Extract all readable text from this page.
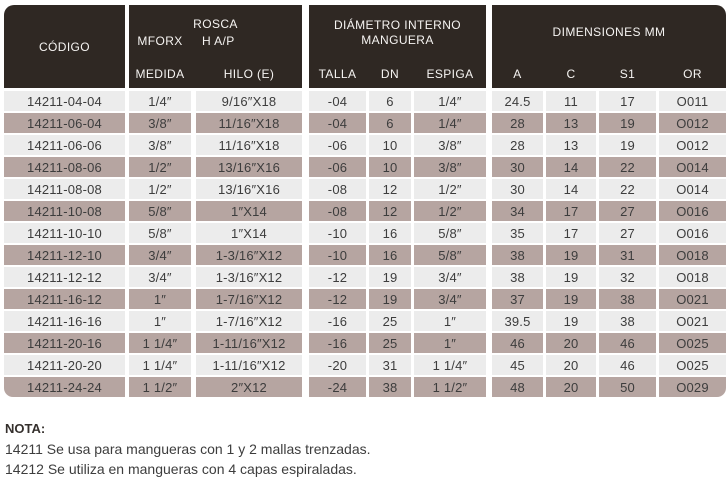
CÓDIGO
ROSCA
MFORX H A/P
MEDIDA	HILO (E)
DIÁMETRO INTERNO MANGUERA
TALLA DN ESPIGA
DIMENSIONES MM
A	C	S1	OR
14211-04-04	1/4″	9/16″X18	-04	6	1/4″	24.5	11	17	O011
14211-06-04	3/8″	11/16″X18	-04	6	1/4″	28	13	19	O012
14211-06-06	3/8″	11/16″X18	-06	10	3/8″	28	13	19	O012
14211-08-06	1/2″	13/16″X16	-06	10	3/8″	30	14	22	O014
14211-08-08	1/2″	13/16″X16	-08	12	1/2″	30	14	22	O014
14211-10-08	5/8″	1″X14	-08	12	1/2″	34	17	27	O016
14211-10-10	5/8″	1″X14	-10	16	5/8″	35	17	27	O016
14211-12-10	3/4″	1-3/16″X12	-10	16	5/8″	38	19	31	O018
14211-12-12	3/4″	1-3/16″X12	-12	19	3/4″	38	19	32	O018
14211-16-12	1″	1-7/16″X12	-12	19	3/4″	37	19	38	O021
14211-16-16	1″	1-7/16″X12	-16	25	1″	39.5	19	38	O021
14211-20-16	1 1/4″	1-11/16″X12	-16	25	1″	46	20	46	O025
14211-20-20	1 1/4″	1-11/16″X12	-20	31	1 1/4″	45	20	46	O025
14211-24-24	1 1/2″	2″X12	-24	38	1 1/2″	48	20	50	O029
NOTA:
14211 Se usa para mangueras con 1 y 2 mallas trenzadas.
14212 Se utiliza en mangueras con 4 capas espiraladas.
